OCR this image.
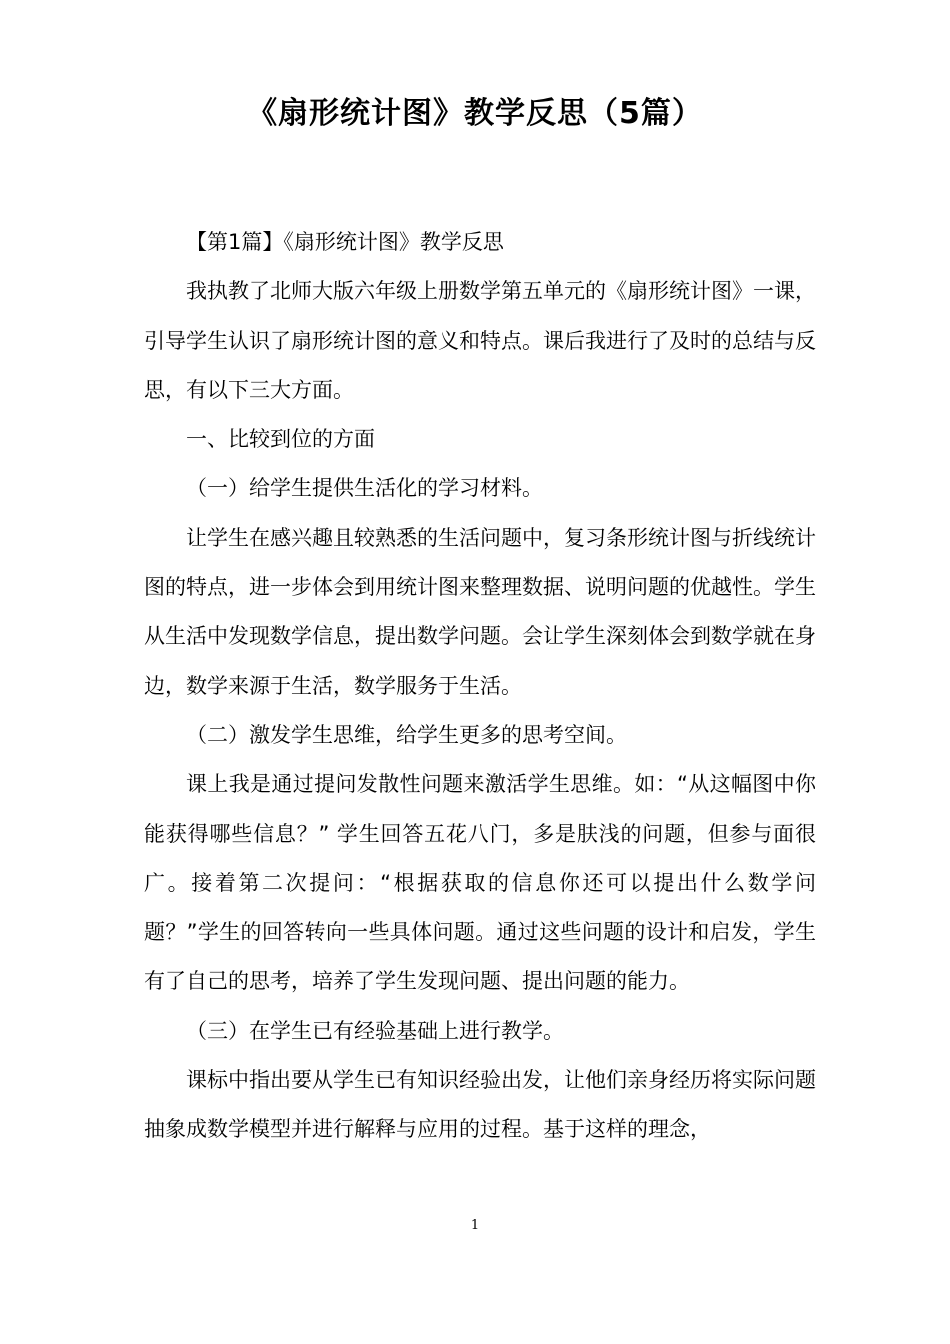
《扇形统计图》教学反思（5篇）

【第1篇】《扇形统计图》教学反思

我执教了北师大版六年级上册数学第五单元的《扇形统计图》一课，引导学生认识了扇形统计图的意义和特点。课后我进行了及时的总结与反思，有以下三大方面。

一、比较到位的方面

（一）给学生提供生活化的学习材料。

让学生在感兴趣且较熟悉的生活问题中，复习条形统计图与折线统计图的特点，进一步体会到用统计图来整理数据、说明问题的优越性。学生从生活中发现数学信息，提出数学问题。会让学生深刻体会到数学就在身边，数学来源于生活，数学服务于生活。

（二）激发学生思维，给学生更多的思考空间。

课上我是通过提问发散性问题来激活学生思维。如：“从这幅图中你能获得哪些信息？” 学生回答五花八门，多是肤浅的问题，但参与面很广。接着第二次提问：“根据获取的信息你还可以提出什么数学问题？”学生的回答转向一些具体问题。通过这些问题的设计和启发，学生有了自己的思考，培养了学生发现问题、提出问题的能力。

（三）在学生已有经验基础上进行教学。

课标中指出要从学生已有知识经验出发，让他们亲身经历将实际问题抽象成数学模型并进行解释与应用的过程。基于这样的理念，

1
